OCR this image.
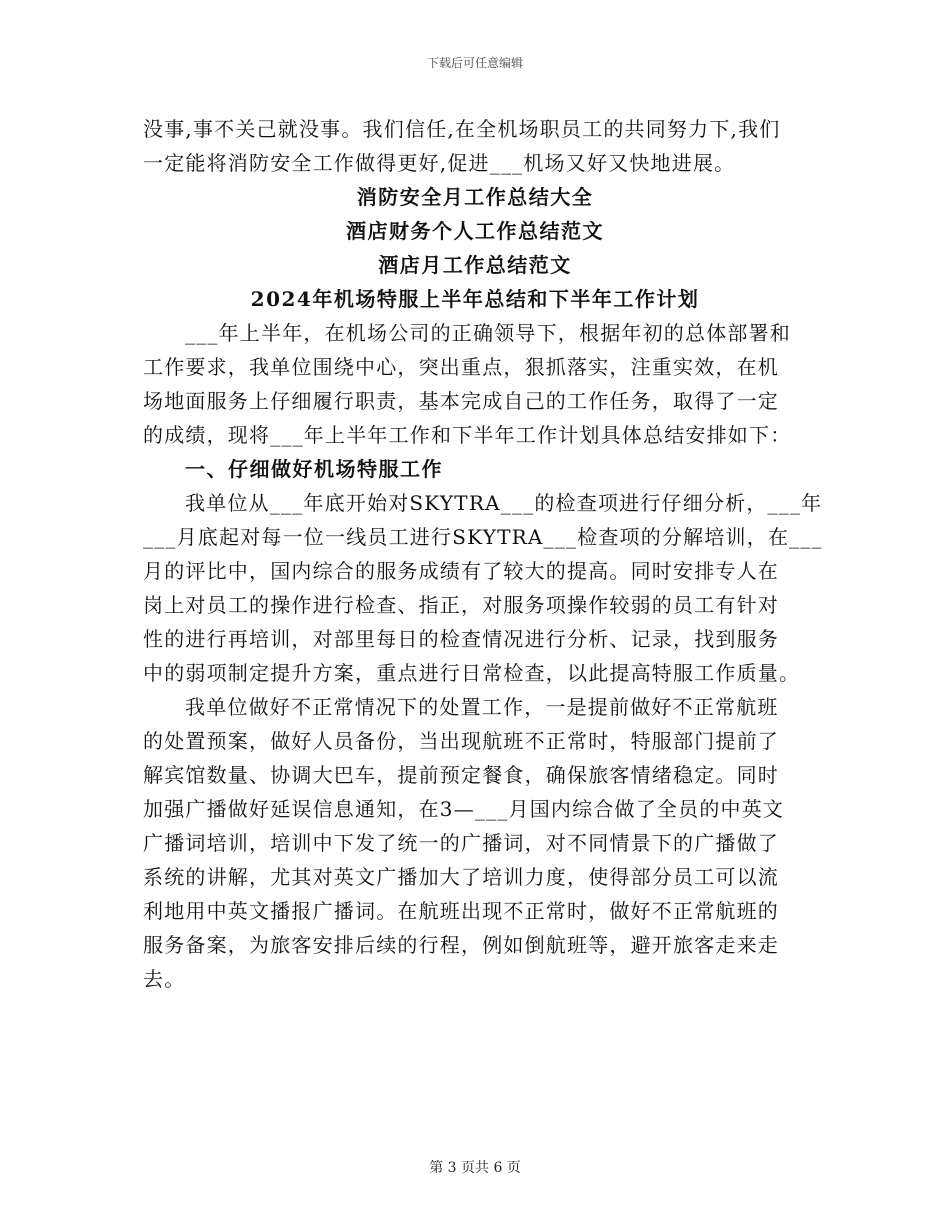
下载后可任意编辑
没事,事不关己就没事。我们信任,在全机场职员工的共同努力下,我们
一定能将消防安全工作做得更好,促进___机场又好又快地进展。
消防安全月工作总结大全
酒店财务个人工作总结范文
酒店月工作总结范文
2024年机场特服上半年总结和下半年工作计划
___年上半年，在机场公司的正确领导下，根据年初的总体部署和
工作要求，我单位围绕中心，突出重点，狠抓落实，注重实效，在机
场地面服务上仔细履行职责，基本完成自己的工作任务，取得了一定
的成绩，现将___年上半年工作和下半年工作计划具体总结安排如下：
一、仔细做好机场特服工作
我单位从___年底开始对SKYTRA___的检查项进行仔细分析，___年
___月底起对每一位一线员工进行SKYTRA___检查项的分解培训，在___
月的评比中，国内综合的服务成绩有了较大的提高。同时安排专人在
岗上对员工的操作进行检查、指正，对服务项操作较弱的员工有针对
性的进行再培训，对部里每日的检查情况进行分析、记录，找到服务
中的弱项制定提升方案，重点进行日常检查，以此提高特服工作质量。
我单位做好不正常情况下的处置工作，一是提前做好不正常航班
的处置预案，做好人员备份，当出现航班不正常时，特服部门提前了
解宾馆数量、协调大巴车，提前预定餐食，确保旅客情绪稳定。同时
加强广播做好延误信息通知，在3—___月国内综合做了全员的中英文
广播词培训，培训中下发了统一的广播词，对不同情景下的广播做了
系统的讲解，尤其对英文广播加大了培训力度，使得部分员工可以流
利地用中英文播报广播词。在航班出现不正常时，做好不正常航班的
服务备案，为旅客安排后续的行程，例如倒航班等，避开旅客走来走
去。
第 3 页共 6 页
